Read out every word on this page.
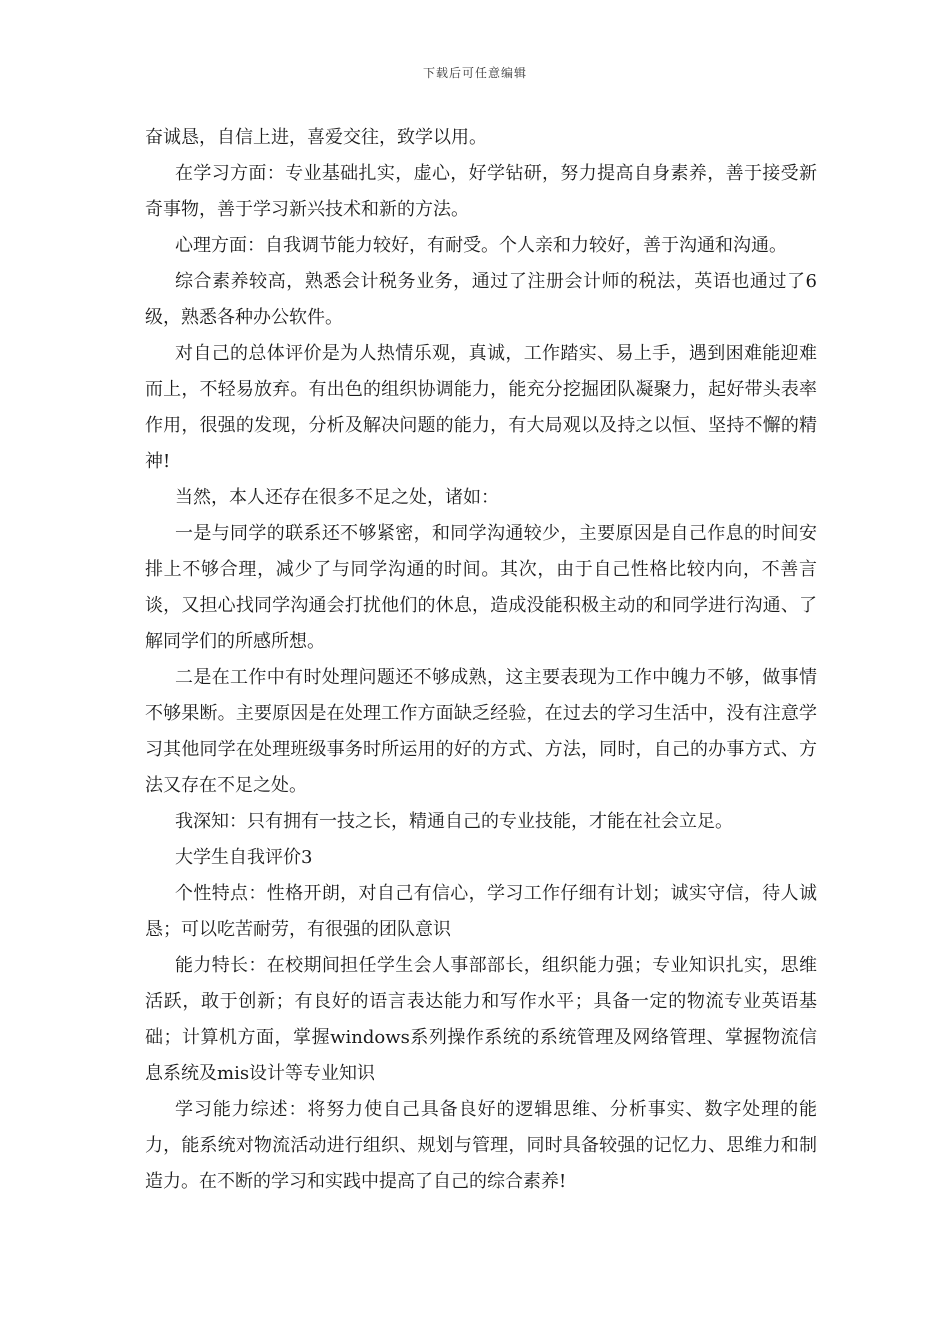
下载后可任意编辑

奋诚恳，自信上进，喜爱交往，致学以用。

在学习方面：专业基础扎实，虚心，好学钻研，努力提高自身素养，善于接受新奇事物，善于学习新兴技术和新的方法。

心理方面：自我调节能力较好，有耐受。个人亲和力较好，善于沟通和沟通。

综合素养较高，熟悉会计税务业务，通过了注册会计师的税法，英语也通过了6级，熟悉各种办公软件。

对自己的总体评价是为人热情乐观，真诚，工作踏实、易上手，遇到困难能迎难而上，不轻易放弃。有出色的组织协调能力，能充分挖掘团队凝聚力，起好带头表率作用，很强的发现，分析及解决问题的能力，有大局观以及持之以恒、坚持不懈的精神!

当然，本人还存在很多不足之处，诸如：

一是与同学的联系还不够紧密，和同学沟通较少，主要原因是自己作息的时间安排上不够合理，减少了与同学沟通的时间。其次，由于自己性格比较内向，不善言谈，又担心找同学沟通会打扰他们的休息，造成没能积极主动的和同学进行沟通、了解同学们的所感所想。

二是在工作中有时处理问题还不够成熟，这主要表现为工作中魄力不够，做事情不够果断。主要原因是在处理工作方面缺乏经验，在过去的学习生活中，没有注意学习其他同学在处理班级事务时所运用的好的方式、方法，同时，自己的办事方式、方法又存在不足之处。

我深知：只有拥有一技之长，精通自己的专业技能，才能在社会立足。

大学生自我评价3

个性特点：性格开朗，对自己有信心，学习工作仔细有计划；诚实守信，待人诚恳；可以吃苦耐劳，有很强的团队意识

能力特长：在校期间担任学生会人事部部长，组织能力强；专业知识扎实，思维活跃，敢于创新；有良好的语言表达能力和写作水平；具备一定的物流专业英语基础；计算机方面，掌握windows系列操作系统的系统管理及网络管理、掌握物流信息系统及mis设计等专业知识

学习能力综述：将努力使自己具备良好的逻辑思维、分析事实、数字处理的能力，能系统对物流活动进行组织、规划与管理，同时具备较强的记忆力、思维力和制造力。在不断的学习和实践中提高了自己的综合素养!
